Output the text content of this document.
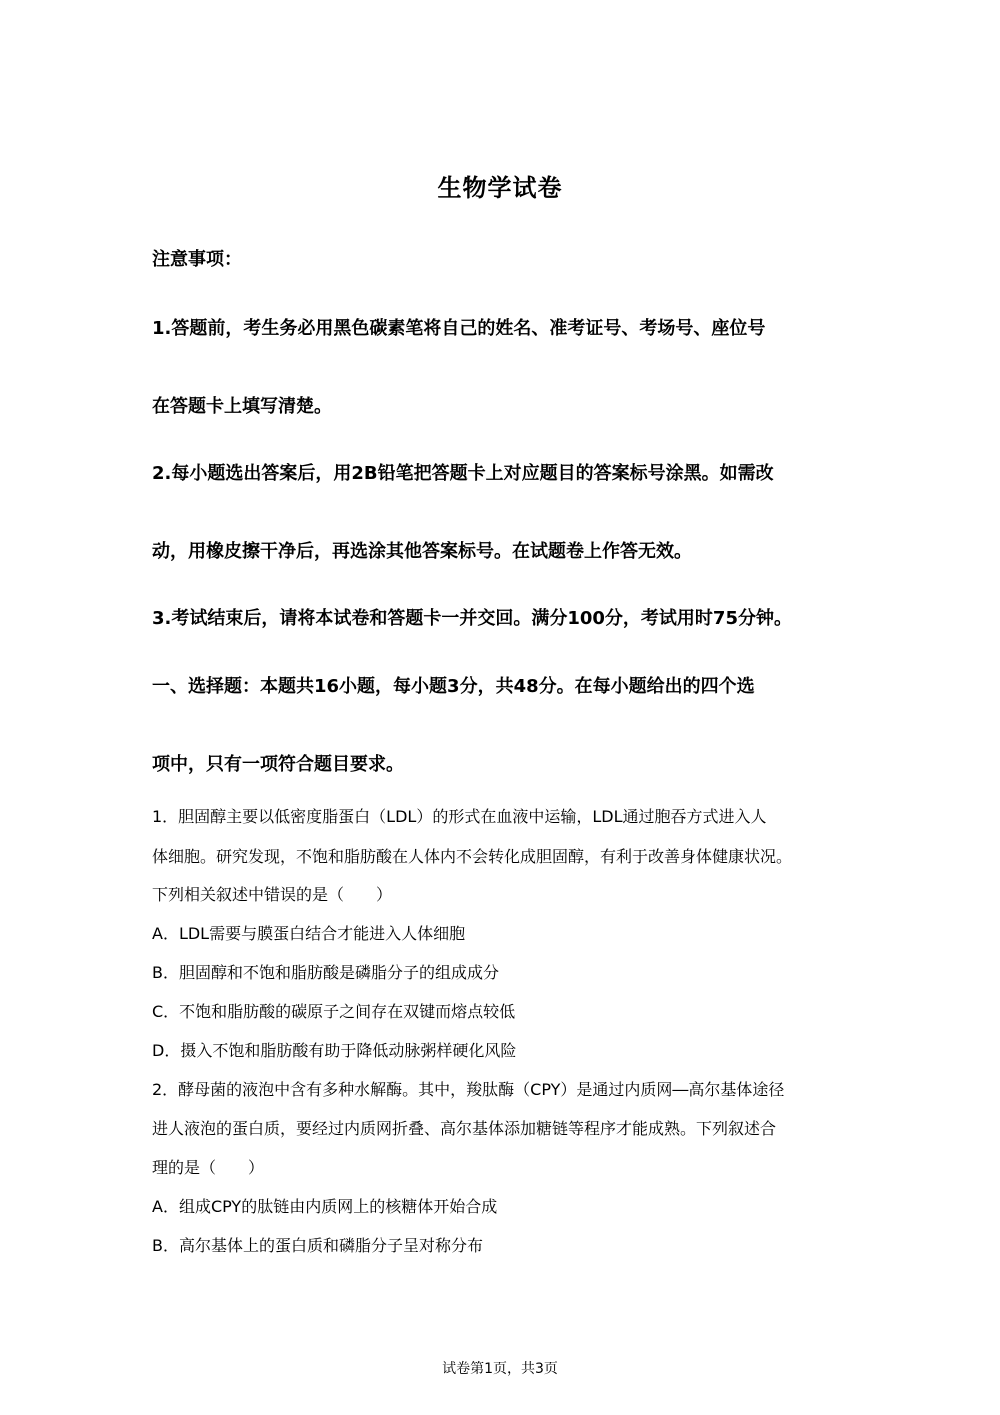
生物学试卷
注意事项：
1.答题前，考生务必用黑色碳素笔将自己的姓名、准考证号、考场号、座位号
在答题卡上填写清楚。
2.每小题选出答案后，用2B铅笔把答题卡上对应题目的答案标号涂黑。如需改
动，用橡皮擦干净后，再选涂其他答案标号。在试题卷上作答无效。
3.考试结束后，请将本试卷和答题卡一并交回。满分100分，考试用时75分钟。
一、选择题：本题共16小题，每小题3分，共48分。在每小题给出的四个选
项中，只有一项符合题目要求。
1．胆固醇主要以低密度脂蛋白（LDL）的形式在血液中运输，LDL通过胞吞方式进入人
体细胞。研究发现，不饱和脂肪酸在人体内不会转化成胆固醇，有利于改善身体健康状况。
下列相关叙述中错误的是（　　）
A．LDL需要与膜蛋白结合才能进入人体细胞
B．胆固醇和不饱和脂肪酸是磷脂分子的组成成分
C．不饱和脂肪酸的碳原子之间存在双键而熔点较低
D．摄入不饱和脂肪酸有助于降低动脉粥样硬化风险
2．酵母菌的液泡中含有多种水解酶。其中，羧肽酶（CPY）是通过内质网―高尔基体途径
进人液泡的蛋白质，要经过内质网折叠、高尔基体添加糖链等程序才能成熟。下列叙述合
理的是（　　）
A．组成CPY的肽链由内质网上的核糖体开始合成
B．高尔基体上的蛋白质和磷脂分子呈对称分布
试卷第1页，共3页
